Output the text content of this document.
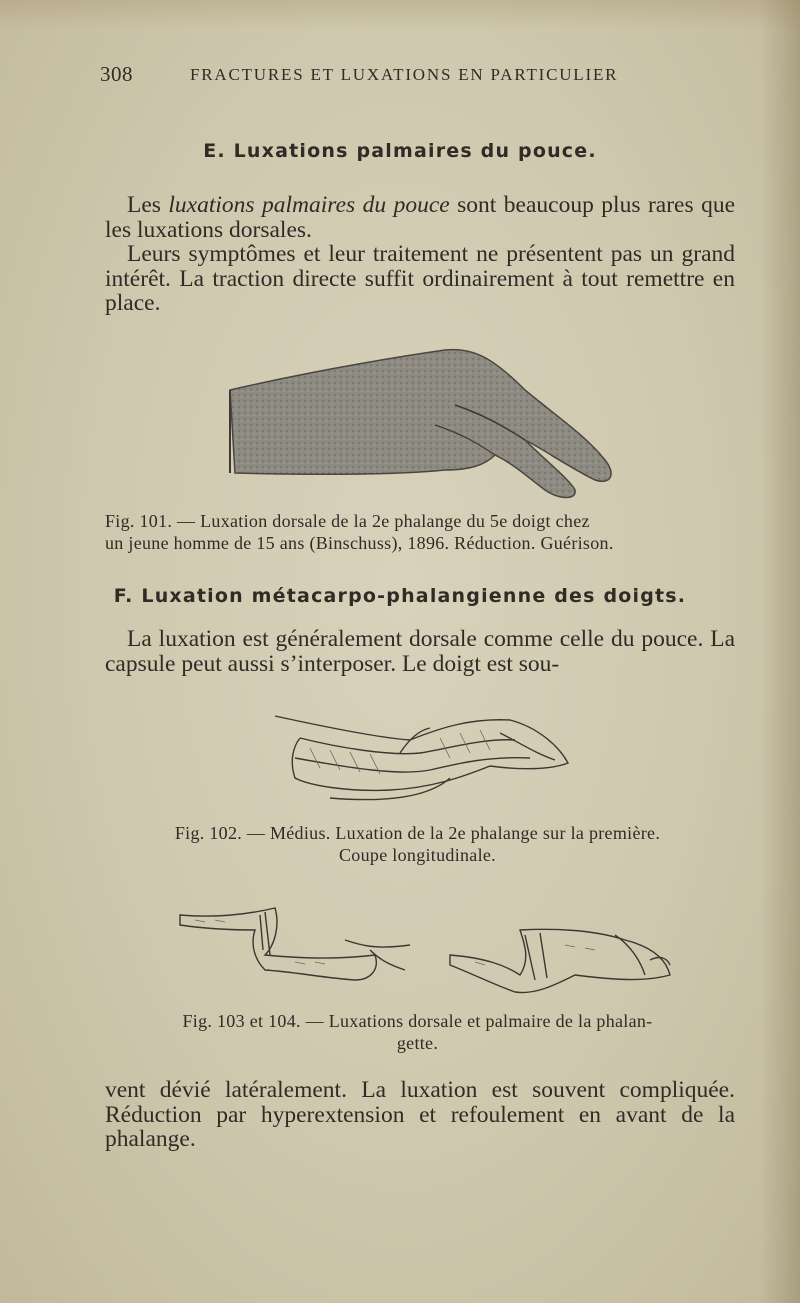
308	FRACTURES ET LUXATIONS EN PARTICULIER
E. Luxations palmaires du pouce.

Les luxations palmaires du pouce sont beaucoup plus rares que les luxations dorsales.

Leurs symptômes et leur traitement ne présentent pas un grand intérêt. La traction directe suffit ordinairement à tout remettre en place.

Fig. 101. — Luxation dorsale de la 2e phalange du 5e doigt chez
un jeune homme de 15 ans (Binschuss), 1896. Réduction. Guérison.
F. Luxation métacarpo-phalangienne des doigts.

La luxation est généralement dorsale comme celle du pouce. La capsule peut aussi s’interposer. Le doigt est sou-

Fig. 102. — Médius. Luxation de la 2e phalange sur la première.
Coupe longitudinale.
Fig. 103 et 104. — Luxations dorsale et palmaire de la phalan-
gette.

vent dévié latéralement. La luxation est souvent compliquée. Réduction par hyperextension et refoulement en avant de la phalange.
